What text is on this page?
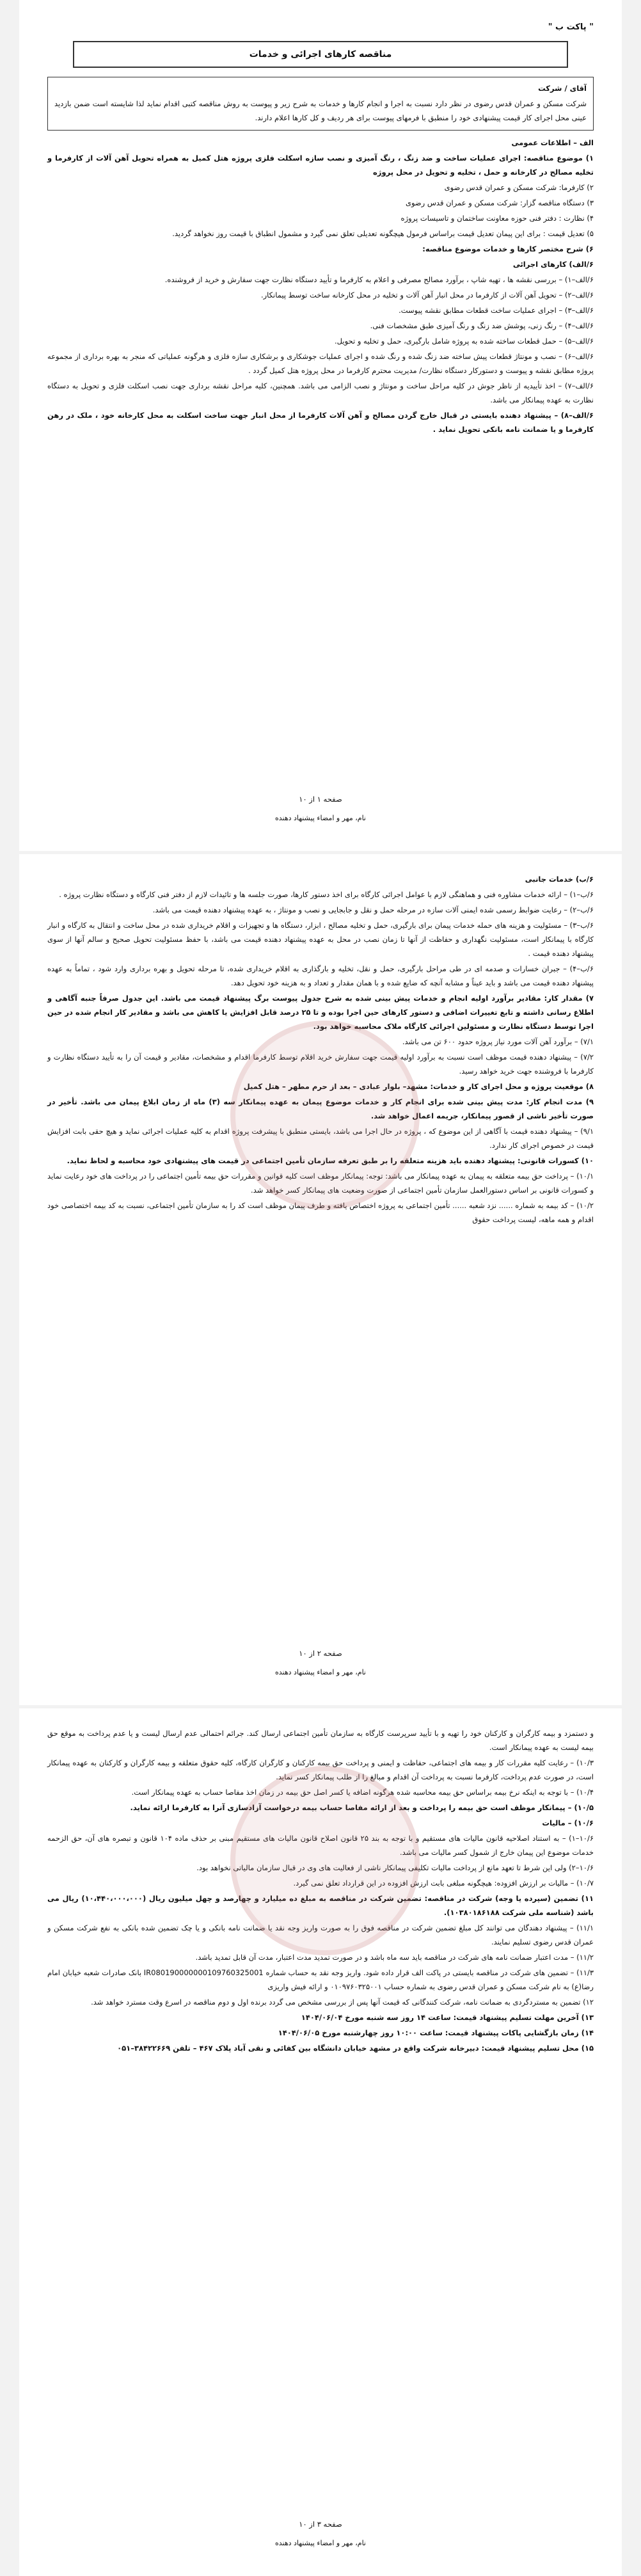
" پاکت ب "
مناقصه کارهای اجرائی و خدمات

آقای / شرکت

شرکت مسکن و عمران قدس رضوی در نظر دارد نسبت به اجرا و انجام کارها و خدمات به شرح زیر و پیوست به روش مناقصه کتبی اقدام نماید لذا شایسته است ضمن بازدید عینی محل اجرای کار قیمت پیشنهادی خود را منطبق با فرمهای پیوست برای هر ردیف و کل کارها اعلام دارند.

الف – اطلاعات عمومی

۱) موضوع مناقصه: اجرای عملیات ساخت و ضد زنگ ، رنگ آمیزی و نصب سازه اسکلت فلزی پروژه هتل کمیل به همراه تحویل آهن آلات از کارفرما و تخلیه مصالح در کارخانه و حمل ، تخلیه و تحویل در محل پروژه

۲) کارفرما: شرکت مسکن و عمران قدس رضوی

۳) دستگاه مناقصه گزار: شرکت مسکن و عمران قدس رضوی

۴) نظارت : دفتر فنی حوزه معاونت ساختمان و تاسیسات پروژه

۵) تعدیل قیمت : برای این پیمان تعدیل قیمت براساس فرمول هیچگونه تعدیلی تعلق نمی گیرد و مشمول انطباق با قیمت روز نخواهد گردید.

۶) شرح مختصر کارها و خدمات موضوع مناقصه:

۶/الف) کارهای اجرائی

۶/الف–۱) – بررسی نقشه ها ، تهیه شاپ ، برآورد مصالح مصرفی و اعلام به کارفرما و تأیید دستگاه نظارت جهت سفارش و خرید از فروشنده.

۶/الف–۲) – تحویل آهن آلات از کارفرما در محل انبار آهن آلات و تخلیه در محل کارخانه ساخت توسط پیمانکار.

۶/الف–۳) – اجرای عملیات ساخت قطعات مطابق نقشه پیوست.

۶/الف–۴) – رنگ زنی، پوشش ضد زنگ و رنگ آمیزی طبق مشخصات فنی.

۶/الف–۵) – حمل قطعات ساخته شده به پروژه شامل بارگیری، حمل و تخلیه و تحویل.

۶/الف–۶) – نصب و مونتاژ قطعات پیش ساخته ضد زنگ شده و رنگ شده و اجرای عملیات جوشکاری و برشکاری سازه فلزی و هرگونه عملیاتی که منجر به بهره برداری از مجموعه پروژه مطابق نقشه و پیوست و دستورکار دستگاه نظارت/ مدیریت محترم کارفرما در محل پروژه هتل کمیل گردد .

۶/الف–۷) – اخذ تأییدیه از ناظر جوش در کلیه مراحل ساخت و مونتاژ و نصب الزامی می باشد. همچنین، کلیه مراحل نقشه برداری جهت نصب اسکلت فلزی و تحویل به دستگاه نظارت به عهده پیمانکار می باشد.

۶/الف–۸) – پیشنهاد دهنده بایستی در قبال خارج گردن مصالح و آهن آلات کارفرما از محل انبار جهت ساخت اسکلت به محل کارخانه خود ، ملک در رهن کارفرما و یا ضمانت نامه بانکی تحویل نماید .

صفحه ۱ از ۱۰
نام، مهر و امضاء پیشنهاد دهنده

۶/ب) خدمات جانبی

۶/ب–۱) – ارائه خدمات مشاوره فنی و هماهنگی لازم با عوامل اجرائی کارگاه برای اخذ دستور کارها، صورت جلسه ها و تائیدات لازم از دفتر فنی کارگاه و دستگاه نظارت پروژه .

۶/ب–۲) – رعایت ضوابط رسمی شده ایمنی آلات سازه در مرحله حمل و نقل و جابجایی و نصب و مونتاژ ، به عهده پیشنهاد دهنده قیمت می باشد.

۶/ب–۳) – مسئولیت و هزینه های حمله خدمات پیمان برای بارگیری، حمل و تخلیه مصالح ، ابزار، دستگاه ها و تجهیزات و اقلام خریداری شده در محل ساخت و انتقال به کارگاه و انبار کارگاه با پیمانکار است، مسئولیت نگهداری و حفاظت از آنها تا زمان نصب در محل به عهده پیشنهاد دهنده قیمت می باشد، با حفظ مسئولیت تحویل صحیح و سالم آنها از سوی پیشنهاد دهنده قیمت .

۶/ب–۴) – جبران خسارات و صدمه ای در طی مراحل بارگیری، حمل و نقل، تخلیه و بارگذاری به اقلام خریداری شده، تا مرحله تحویل و بهره برداری وارد شود ، تماماً به عهده پیشنهاد دهنده قیمت می باشد و باید عیناً و مشابه آنچه که ضایع شده و با همان مقدار و تعداد و به هزینه خود تحویل دهد.

۷) مقدار کار: مقادیر برآورد اولیه انجام و خدمات پیش بینی شده به شرح جدول پیوست برگ پیشنهاد قیمت می باشد. این جدول صرفاً جنبه آگاهی و اطلاع رسانی داشته و تابع تغییرات اضافی و دستور کارهای حین اجرا بوده و تا ۲۵ درصد قابل افزایش یا کاهش می باشد و مقادیر کار انجام شده در حین اجرا توسط دستگاه نظارت و مسئولین اجرائی کارگاه ملاک محاسبه خواهد بود.

۷/۱) – برآورد آهن آلات مورد نیاز پروژه حدود ۶۰۰ تن می باشد.

۷/۲) – پیشنهاد دهنده قیمت موظف است نسبت به برآورد اولیه قیمت جهت سفارش خرید اقلام توسط کارفرما اقدام و مشخصات، مقادیر و قیمت آن را به تأیید دستگاه نظارت و کارفرما با فروشنده جهت خرید خواهد رسید.

۸) موقعیت پروژه و محل اجرای کار و خدمات: مشهد– بلوار عبادی – بعد از حرم مطهر – هتل کمیل

۹) مدت انجام کار: مدت پیش بینی شده برای انجام کار و خدمات موضوع پیمان به عهده پیمانکار سه (۳) ماه از زمان ابلاغ پیمان می باشد. تأخیر در صورت تأخیر ناشی از قصور پیمانکار، جریمه اعمال خواهد شد.

۹/۱) – پیشنهاد دهنده قیمت با آگاهی از این موضوع که ، پروژه در حال اجرا می باشد، بایستی منطبق با پیشرفت پروژه اقدام به کلیه عملیات اجرائی نماید و هیچ حقی بابت افزایش قیمت در خصوص اجرای کار ندارد.

۱۰) کسورات قانونی: پیشنهاد دهنده باید هزینه متعلقه را بر طبق تعرفه سازمان تأمین اجتماعی در قیمت های پیشنهادی خود محاسبه و لحاظ نماید.

۱۰/۱) – پرداخت حق بیمه متعلقه به پیمان به عهده پیمانکار می باشد: توجه: پیمانکار موظف است کلیه قوانین و مقررات حق بیمه تأمین اجتماعی را در پرداخت های خود رعایت نماید و کسورات قانونی بر اساس دستورالعمل سازمان تأمین اجتماعی از صورت وضعیت های پیمانکار کسر خواهد شد.

۱۰/۲) – کد بیمه به شماره ...... نزد شعبه ...... تأمین اجتماعی به پروژه اختصاص یافته و طرف پیمان موظف است کد را به سازمان تأمین اجتماعی، نسبت به کد بیمه اختصاصی خود اقدام و همه ماهه، لیست پرداخت حقوق

صفحه ۲ از ۱۰
نام، مهر و امضاء پیشنهاد دهنده

و دستمزد و بیمه کارگران و کارکنان خود را تهیه و با تأیید سرپرست کارگاه به سازمان تأمین اجتماعی ارسال کند. جرائم احتمالی عدم ارسال لیست و یا عدم پرداخت به موقع حق بیمه لیست به عهده پیمانکار است.

۱۰/۳) – رعایت کلیه مقررات کار و بیمه های اجتماعی، حفاظت و ایمنی و پرداخت حق بیمه کارکنان و کارگران کارگاه، کلیه حقوق متعلقه و بیمه کارگران و کارکنان به عهده پیمانکار است، در صورت عدم پرداخت، کارفرما نسبت به پرداخت آن اقدام و مبالغ را از طلب پیمانکار کسر نماید.

۱۰/۴) – با توجه به اینکه نرخ بیمه براساس حق بیمه محاسبه شده هرگونه اضافه یا کسر اصل حق بیمه در زمان اخذ مفاصا حساب به عهده پیمانکار است.

۱۰/۵) – پیمانکار موظف است حق بیمه را پرداخت و بعد از ارائه مفاصا حساب بیمه درخواست آزادسازی آنرا به کارفرما ارائه نماید.

۱۰/۶) – مالیات

۱۰/۶–۱) – به استناد اصلاحیه قانون مالیات های مستقیم و با توجه به بند ۲۵ قانون اصلاح قانون مالیات های مستقیم مبنی بر حذف ماده ۱۰۴ قانون و تبصره های آن، حق الزحمه خدمات موضوع این پیمان خارج از شمول کسر مالیات می باشد.

۱۰/۶–۲) ولی این شرط تا تعهد مانع از پرداخت مالیات تکلیفی پیمانکار ناشی از فعالیت های وی در قبال سازمان مالیاتی نخواهد بود.

۱۰/۷) – مالیات بر ارزش افزوده: هیچگونه مبلغی بابت ارزش افزوده در این قرارداد تعلق نمی گیرد.

۱۱) تضمین (سپرده یا وجه) شرکت در مناقصه: تضمین شرکت در مناقصه به مبلغ ده میلیارد و چهارصد و چهل میلیون ریال (۱۰،۴۴۰،۰۰۰،۰۰۰) ریال می باشد (شناسه ملی شرکت ۱۰۳۸۰۱۸۶۱۸۸).

۱۱/۱) – پیشنهاد دهندگان می توانند کل مبلغ تضمین شرکت در مناقصه فوق را به صورت واریز وجه نقد یا ضمانت نامه بانکی و یا چک تضمین شده بانکی به نفع شرکت مسکن و عمران قدس رضوی تسلیم نمایند.

۱۱/۲) – مدت اعتبار ضمانت نامه های شرکت در مناقصه باید سه ماه باشد و در صورت تمدید مدت اعتبار، مدت آن قابل تمدید باشد.

۱۱/۳) – تضمین های شرکت در مناقصه بایستی در پاکت الف قرار داده شود. واریز وجه نقد به حساب شماره IR080190000000109760325001 بانک صادرات شعبه خیابان امام رضا(ع) به نام شرکت مسکن و عمران قدس رضوی به شماره حساب ۰۱۰۹۷۶۰۳۲۵۰۰۱ و ارائه فیش واریزی

۱۲) تضمین به مستردگردی به ضمانت نامه، شرکت کنندگانی که قیمت آنها پس از بررسی مشخص می گردد برنده اول و دوم مناقصه در اسرع وقت مسترد خواهد شد.

۱۳) آخرین مهلت تسلیم پیشنهاد قیمت: ساعت ۱۴ روز سه شنبه مورخ ۱۴۰۴/۰۶/۰۴

۱۴) زمان بازگشایی پاکات پیشنهاد قیمت: ساعت ۱۰:۰۰ روز چهارشنبه مورخ ۱۴۰۴/۰۶/۰۵

۱۵) محل تسلیم پیشنهاد قیمت: دبیرخانه شرکت واقع در مشهد خیابان دانشگاه بین کفائی و نقی آباد پلاک ۴۶۷ – تلفن ۳۸۴۲۲۶۶۹–۰۵۱

صفحه ۳ از ۱۰
نام، مهر و امضاء پیشنهاد دهنده
